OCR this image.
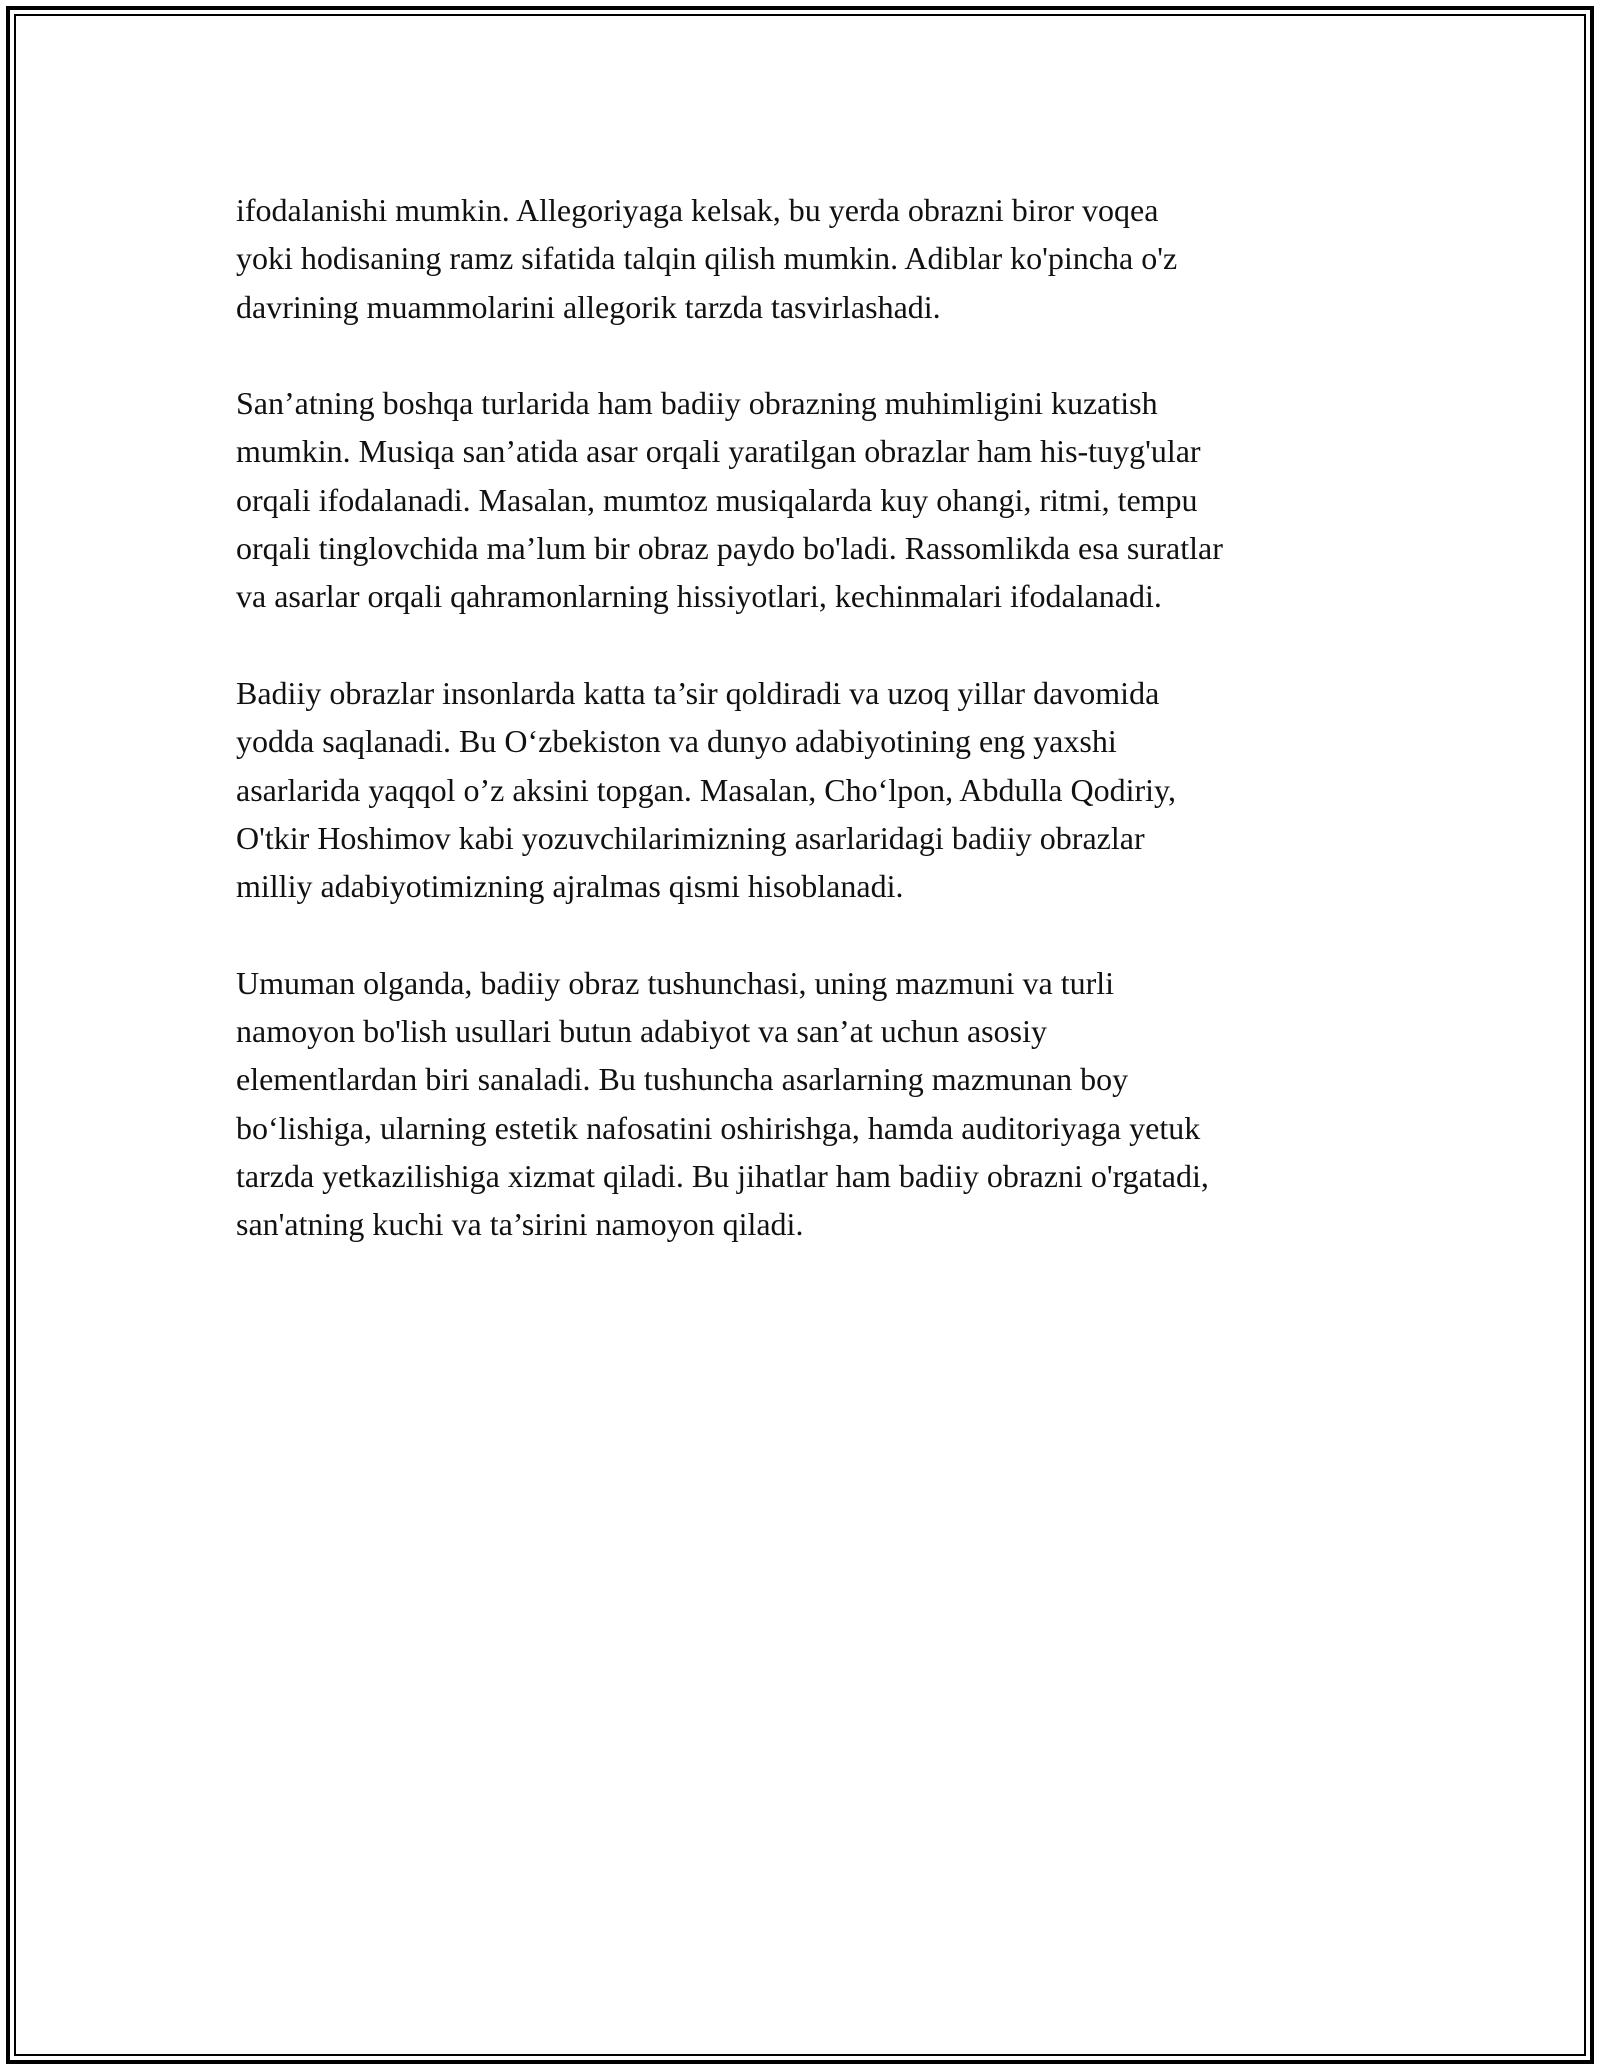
ifodalanishi mumkin. Allegoriyaga kelsak, bu yerda obrazni biror voqea
yoki hodisaning ramz sifatida talqin qilish mumkin. Adiblar ko'pincha o'z
davrining muammolarini allegorik tarzda tasvirlashadi.

San’atning boshqa turlarida ham badiiy obrazning muhimligini kuzatish
mumkin. Musiqa san’atida asar orqali yaratilgan obrazlar ham his-tuyg'ular
orqali ifodalanadi. Masalan, mumtoz musiqalarda kuy ohangi, ritmi, tempu
orqali tinglovchida ma’lum bir obraz paydo bo'ladi. Rassomlikda esa suratlar
va asarlar orqali qahramonlarning hissiyotlari, kechinmalari ifodalanadi.

Badiiy obrazlar insonlarda katta ta’sir qoldiradi va uzoq yillar davomida
yodda saqlanadi. Bu O‘zbekiston va dunyo adabiyotining eng yaxshi
asarlarida yaqqol o’z aksini topgan. Masalan, Cho‘lpon, Abdulla Qodiriy,
O'tkir Hoshimov kabi yozuvchilarimizning asarlaridagi badiiy obrazlar
milliy adabiyotimizning ajralmas qismi hisoblanadi.

Umuman olganda, badiiy obraz tushunchasi, uning mazmuni va turli
namoyon bo'lish usullari butun adabiyot va san’at uchun asosiy
elementlardan biri sanaladi. Bu tushuncha asarlarning mazmunan boy
bo‘lishiga, ularning estetik nafosatini oshirishga, hamda auditoriyaga yetuk
tarzda yetkazilishiga xizmat qiladi. Bu jihatlar ham badiiy obrazni o'rgatadi,
san'atning kuchi va ta’sirini namoyon qiladi.
